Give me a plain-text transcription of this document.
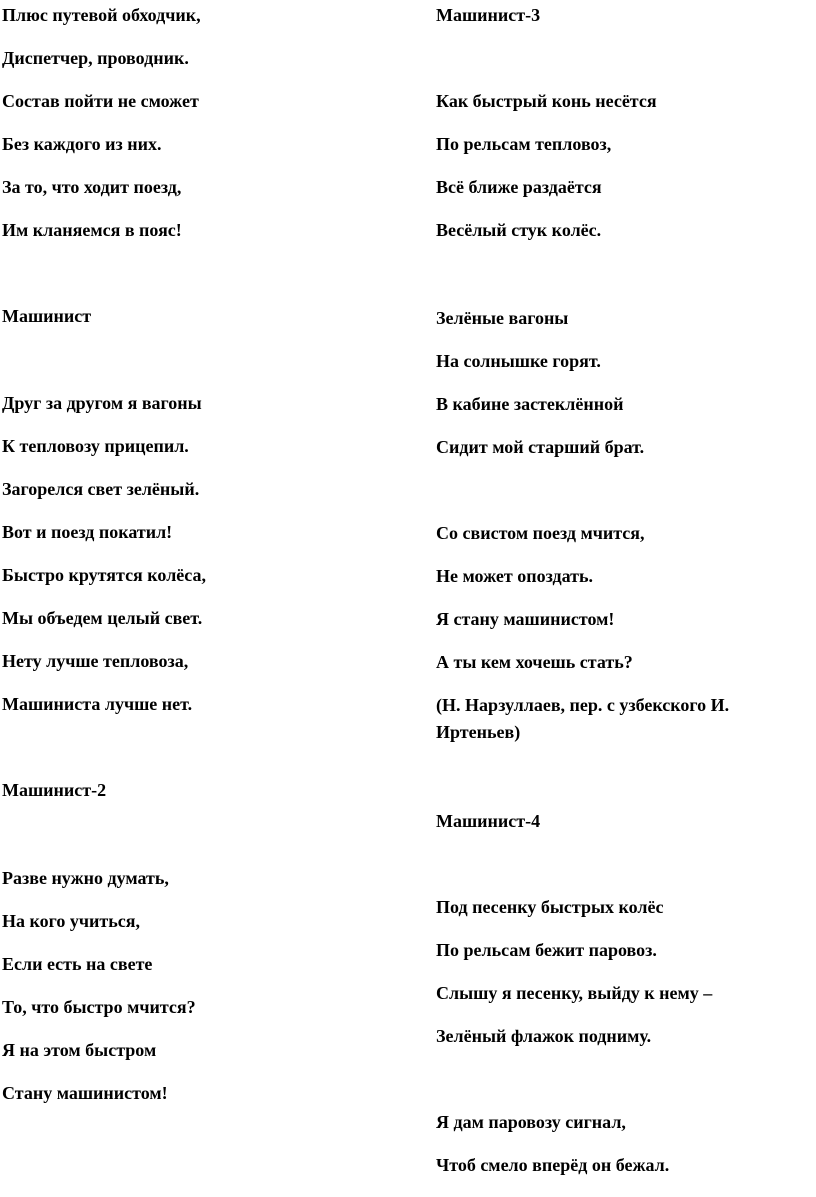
Плюс путевой обходчик,
Диспетчер, проводник.
Состав пойти не сможет
Без каждого из них.
За то, что ходит поезд,
Им кланяемся в пояс!
Машинист
Друг за другом я вагоны
К тепловозу прицепил.
Загорелся свет зелёный.
Вот и поезд покатил!
Быстро крутятся колёса,
Мы объедем целый свет.
Нету лучше тепловоза,
Машиниста лучше нет.
Машинист-2
Разве нужно думать,
На кого учиться,
Если есть на свете
То, что быстро мчится?
Я на этом быстром
Стану машинистом!
Машинист-3
Как быстрый конь несётся
По рельсам тепловоз,
Всё ближе раздаётся
Весёлый стук колёс.
Зелёные вагоны
На солнышке горят.
В кабине застеклённой
Сидит мой старший брат.
Со свистом поезд мчится,
Не может опоздать.
Я стану машинистом!
А ты кем хочешь стать?
(Н. Нарзуллаев, пер. с узбекского И.
Иртеньев)
Машинист-4
Под песенку быстрых колёс
По рельсам бежит паровоз.
Слышу я песенку, выйду к нему –
Зелёный флажок подниму.
Я дам паровозу сигнал,
Чтоб смело вперёд он бежал.
